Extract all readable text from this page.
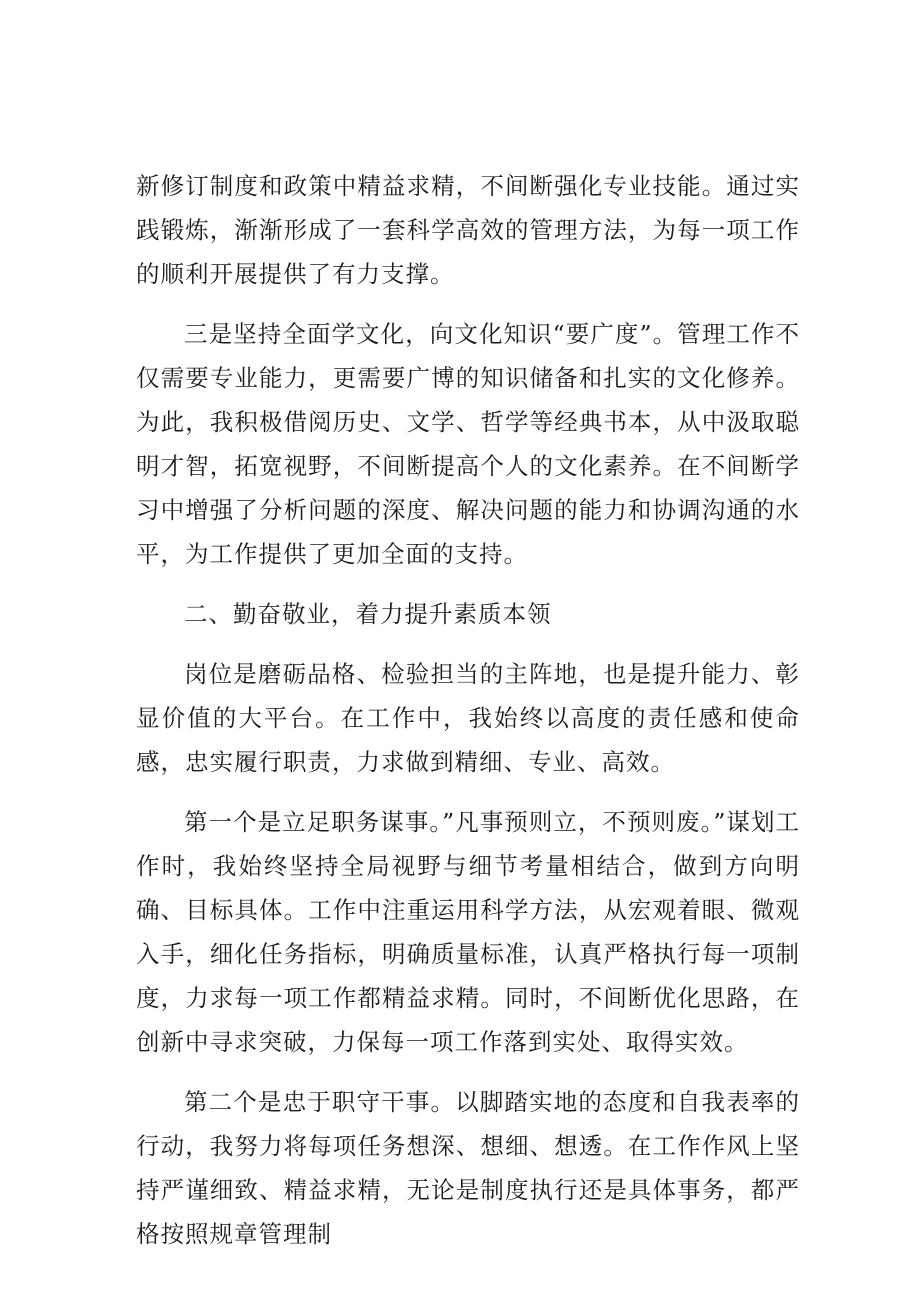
新修订制度和政策中精益求精，不间断强化专业技能。通过实践锻炼，渐渐形成了一套科学高效的管理方法，为每一项工作的顺利开展提供了有力支撑。

三是坚持全面学文化，向文化知识“要广度”。管理工作不仅需要专业能力，更需要广博的知识储备和扎实的文化修养。为此，我积极借阅历史、文学、哲学等经典书本，从中汲取聪明才智，拓宽视野，不间断提高个人的文化素养。在不间断学习中增强了分析问题的深度、解决问题的能力和协调沟通的水平，为工作提供了更加全面的支持。

二、勤奋敬业，着力提升素质本领

岗位是磨砺品格、检验担当的主阵地，也是提升能力、彰显价值的大平台。在工作中，我始终以高度的责任感和使命感，忠实履行职责，力求做到精细、专业、高效。

第一个是立足职务谋事。”凡事预则立，不预则废。”谋划工作时，我始终坚持全局视野与细节考量相结合，做到方向明确、目标具体。工作中注重运用科学方法，从宏观着眼、微观入手，细化任务指标，明确质量标准，认真严格执行每一项制度，力求每一项工作都精益求精。同时，不间断优化思路，在创新中寻求突破，力保每一项工作落到实处、取得实效。

第二个是忠于职守干事。以脚踏实地的态度和自我表率的行动，我努力将每项任务想深、想细、想透。在工作作风上坚持严谨细致、精益求精，无论是制度执行还是具体事务，都严格按照规章管理制
